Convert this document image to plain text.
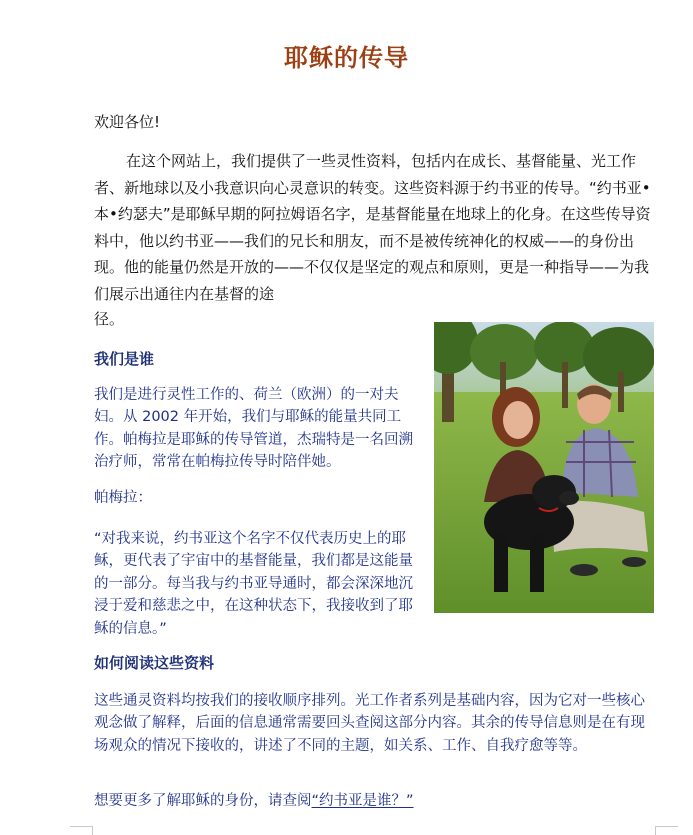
耶稣的传导
欢迎各位!
在这个网站上，我们提供了一些灵性资料，包括内在成长、基督能量、光工作者、新地球以及小我意识向心灵意识的转变。这些资料源于约书亚的传导。“约书亚•本•约瑟夫”是耶稣早期的阿拉姆语名字，是基督能量在地球上的化身。在这些传导资料中，他以约书亚——我们的兄长和朋友，而不是被传统神化的权威——的身份出现。他的能量仍然是开放的——不仅仅是坚定的观点和原则，更是一种指导——为我们展示出通往内在基督的途
径。
我们是谁
我们是进行灵性工作的、荷兰（欧洲）的一对夫妇。从 2002 年开始，我们与耶稣的能量共同工作。帕梅拉是耶稣的传导管道，杰瑞特是一名回溯治疗师，常常在帕梅拉传导时陪伴她。
帕梅拉：
“对我来说，约书亚这个名字不仅代表历史上的耶稣，更代表了宇宙中的基督能量，我们都是这能量的一部分。每当我与约书亚导通时，都会深深地沉浸于爱和慈悲之中，在这种状态下，我接收到了耶稣的信息。”
如何阅读这些资料
这些通灵资料均按我们的接收顺序排列。光工作者系列是基础内容，因为它对一些核心观念做了解释，后面的信息通常需要回头查阅这部分内容。其余的传导信息则是在有现场观众的情况下接收的，讲述了不同的主题，如关系、工作、自我疗愈等等。
想要更多了解耶稣的身份，请查阅“约书亚是谁？”
